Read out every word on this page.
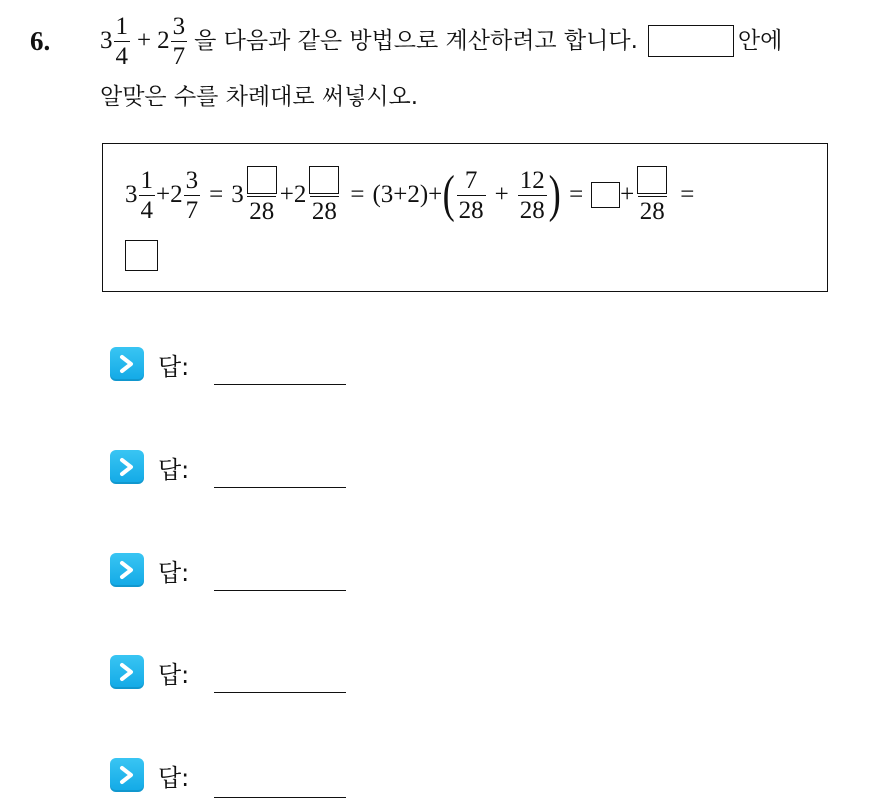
6. $3 \frac{1}{4} + 2 \frac{3}{7}$ 을 다음과 같은 방법으로 계산하려고 합니다.	안에
알맞은 수를 차례대로 써넣시오.
$3 \frac{1}{4} + 2 \frac{3}{7} = 3$
28
+ 2
28
= (3+2)+ ( $\frac{7}{28} + \frac{12}{28}$ ) = +
28
=
답:
답:
답:
답:
답:
